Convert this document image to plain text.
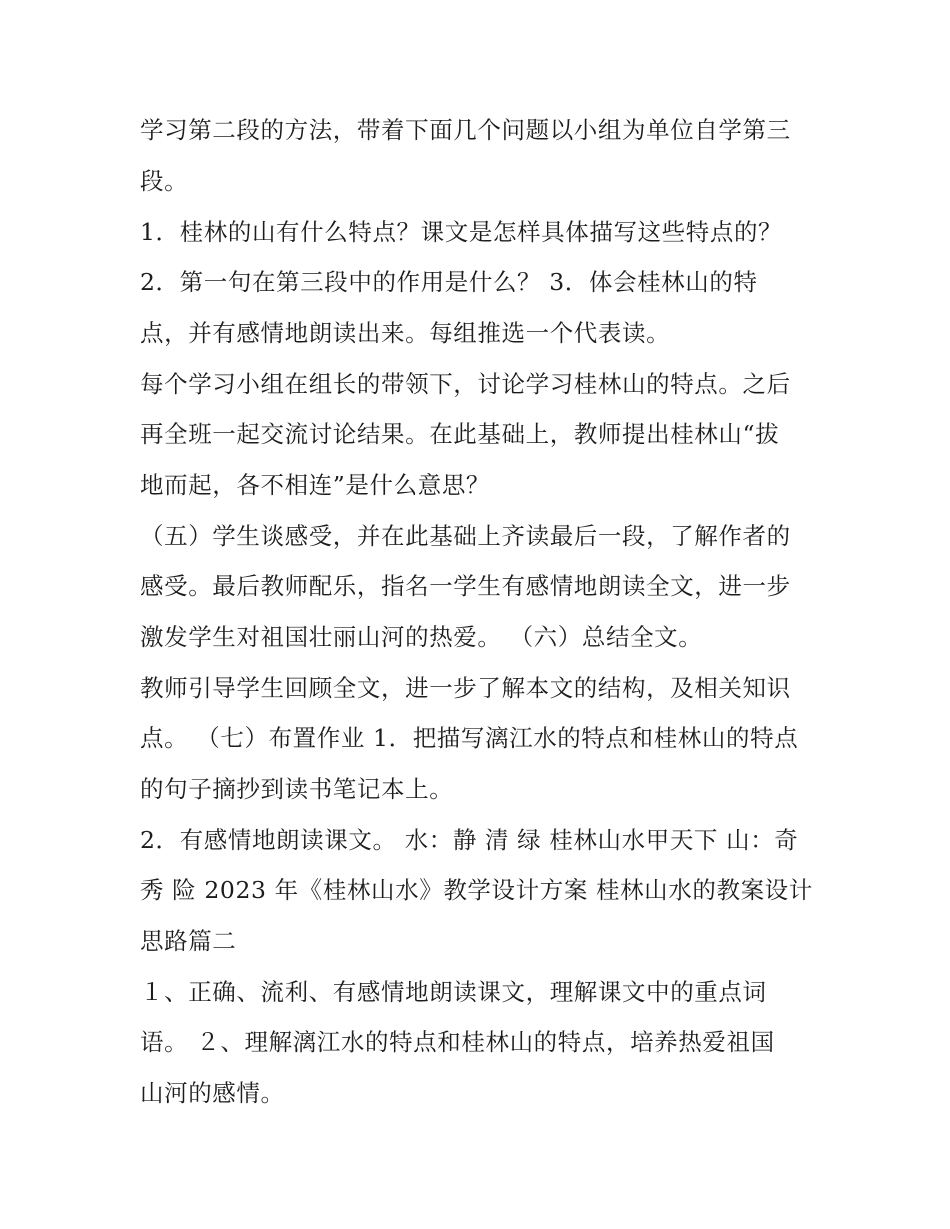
学习第二段的方法，带着下面几个问题以小组为单位自学第三
段。
1．桂林的山有什么特点？课文是怎样具体描写这些特点的？
2．第一句在第三段中的作用是什么？ 3．体会桂林山的特
点，并有感情地朗读出来。每组推选一个代表读。
每个学习小组在组长的带领下，讨论学习桂林山的特点。之后
再全班一起交流讨论结果。在此基础上，教师提出桂林山“拔
地而起，各不相连”是什么意思？
（五）学生谈感受，并在此基础上齐读最后一段，了解作者的
感受。最后教师配乐，指名一学生有感情地朗读全文，进一步
激发学生对祖国壮丽山河的热爱。 （六）总结全文。
教师引导学生回顾全文，进一步了解本文的结构，及相关知识
点。 （七）布置作业 1．把描写漓江水的特点和桂林山的特点
的句子摘抄到读书笔记本上。
2．有感情地朗读课文。 水：静 清 绿 桂林山水甲天下 山：奇
秀 险 2023 年《桂林山水》教学设计方案 桂林山水的教案设计
思路篇二
１、正确、流利、有感情地朗读课文，理解课文中的重点词
语。 ２、理解漓江水的特点和桂林山的特点，培养热爱祖国
山河的感情。
